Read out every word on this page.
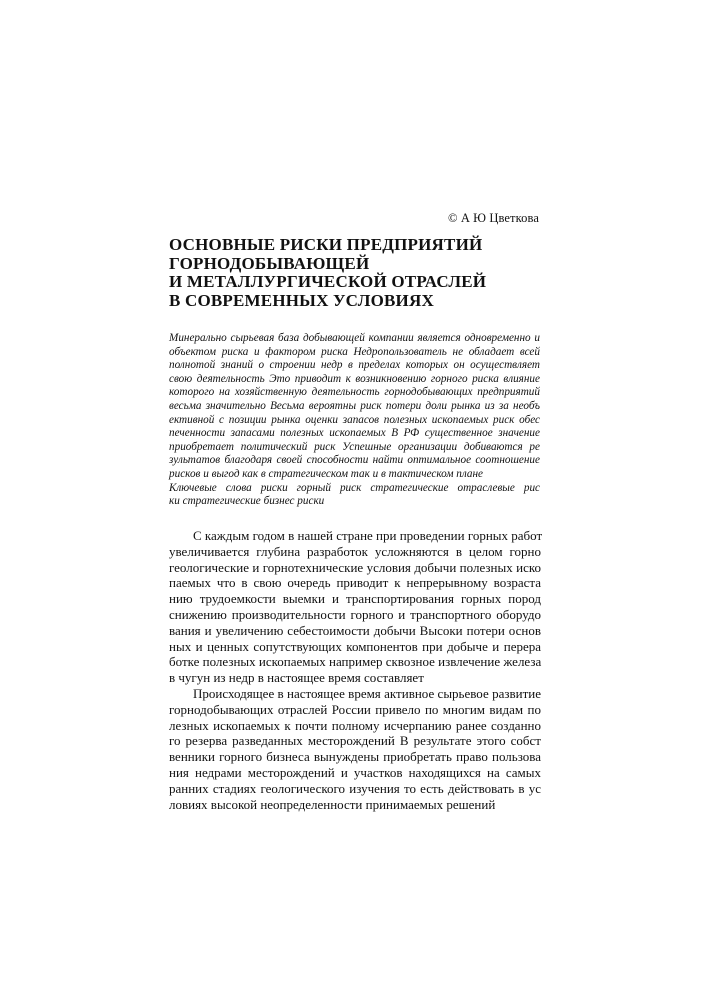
© А Ю Цветкова
ОСНОВНЫЕ РИСКИ ПРЕДПРИЯТИЙ
ГОРНОДОБЫВАЮЩЕЙ
И МЕТАЛЛУРГИЧЕСКОЙ ОТРАСЛЕЙ
В СОВРЕМЕННЫХ УСЛОВИЯХ
Минерально сырьевая база добывающей компании является одновременно и
объектом риска и фактором риска Недропользователь не обладает всей
полнотой знаний о строении недр в пределах которых он осуществляет
свою деятельность Это приводит к возникновению горного риска влияние
которого на хозяйственную деятельность горнодобывающих предприятий
весьма значительно Весьма вероятны риск потери доли рынка из за необъ
ективной с позиции рынка оценки запасов полезных ископаемых риск обес
печенности запасами полезных ископаемых В РФ существенное значение
приобретает политический риск Успешные организации добиваются ре
зультатов благодаря своей способности найти оптимальное соотношение
рисков и выгод как в стратегическом так и в тактическом плане
Ключевые слова риски горный риск стратегические отраслевые рис
ки стратегические бизнес риски
С каждым годом в нашей стране при проведении горных работ
увеличивается глубина разработок усложняются в целом горно
геологические и горнотехнические условия добычи полезных иско
паемых что в свою очередь приводит к непрерывному возраста
нию трудоемкости выемки и транспортирования горных пород
снижению производительности горного и транспортного оборудо
вания и увеличению себестоимости добычи Высоки потери основ
ных и ценных сопутствующих компонентов при добыче и перера
ботке полезных ископаемых например сквозное извлечение железа
в чугун из недр в настоящее время составляет
Происходящее в настоящее время активное сырьевое развитие
горнодобывающих отраслей России привело по многим видам по
лезных ископаемых к почти полному исчерпанию ранее созданно
го резерва разведанных месторождений В результате этого собст
венники горного бизнеса вынуждены приобретать право пользова
ния недрами месторождений и участков находящихся на самых
ранних стадиях геологического изучения то есть действовать в ус
ловиях высокой неопределенности принимаемых решений
